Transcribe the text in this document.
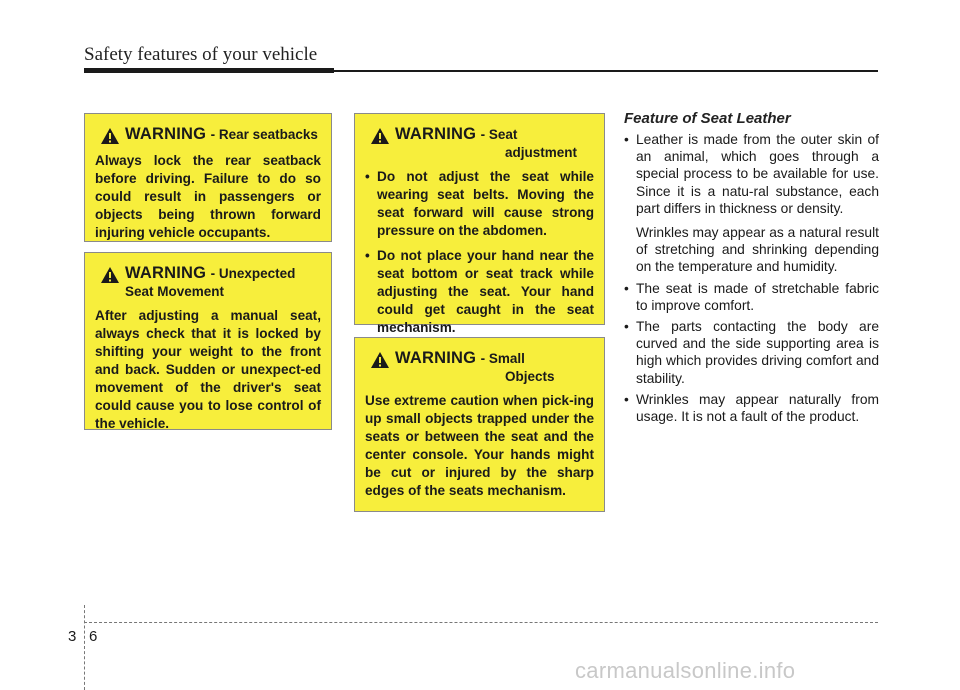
Safety features of your vehicle
WARNING - Rear seatbacks
Always lock the rear seatback before driving. Failure to do so could result in passengers or objects being thrown forward injuring vehicle occupants.
WARNING - Unexpected
Seat Movement
After adjusting a manual seat, always check that it is locked by shifting your weight to the front and back. Sudden or unexpect-ed movement of the driver's seat could cause you to lose control of the vehicle.
WARNING - Seat
adjustment
• Do not adjust the seat while wearing seat belts. Moving the seat forward will cause strong pressure on the abdomen.
• Do not place your hand near the seat bottom or seat track while adjusting the seat. Your hand could get caught in the seat mechanism.
WARNING - Small
Objects
Use extreme caution when pick-ing up small objects trapped under the seats or between the seat and the center console. Your hands might be cut or injured by the sharp edges of the seats mechanism.
Feature of Seat Leather
• Leather is made from the outer skin of an animal, which goes through a special process to be available for use. Since it is a natu-ral substance, each part differs in thickness or density.

Wrinkles may appear as a natural result of stretching and shrinking depending on the temperature and humidity.

• The seat is made of stretchable fabric to improve comfort.
• The parts contacting the body are curved and the side supporting area is high which provides driving comfort and stability.
• Wrinkles may appear naturally from usage. It is not a fault of the product.
3 6
carmanualsonline.info
